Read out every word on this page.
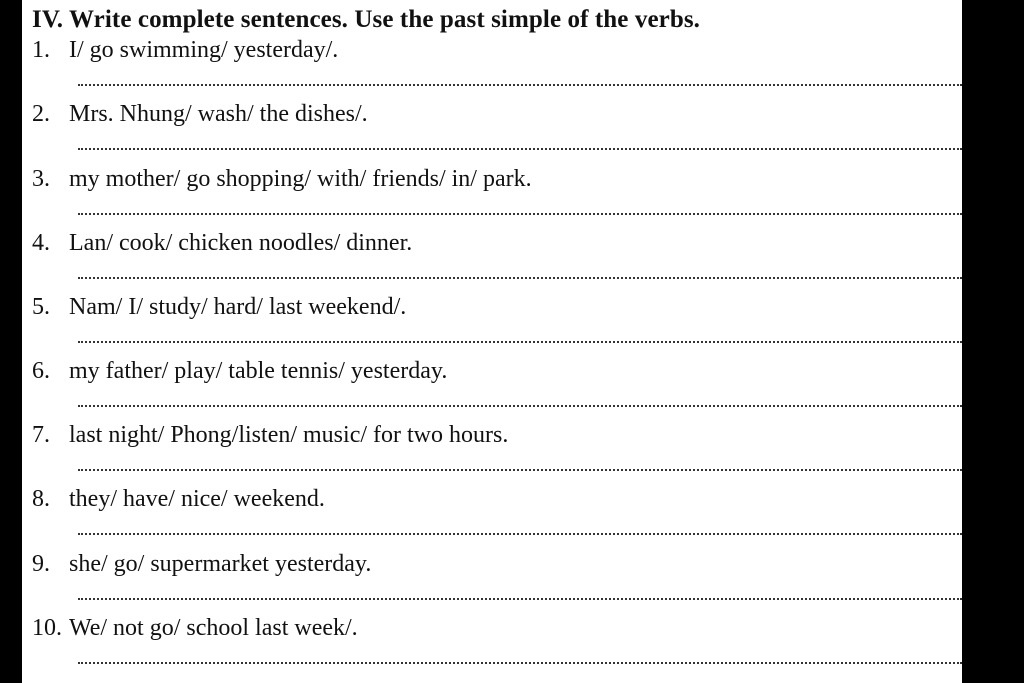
IV. Write complete sentences. Use the past simple of the verbs.
1. I/ go swimming/ yesterday/.
2. Mrs. Nhung/ wash/ the dishes/.
3. my mother/ go shopping/ with/ friends/ in/ park.
4. Lan/ cook/ chicken noodles/ dinner.
5. Nam/ I/ study/ hard/ last weekend/.
6. my father/ play/ table tennis/ yesterday.
7. last night/ Phong/listen/ music/ for two hours.
8. they/ have/ nice/ weekend.
9. she/ go/ supermarket yesterday.
10. We/ not go/ school last week/.
